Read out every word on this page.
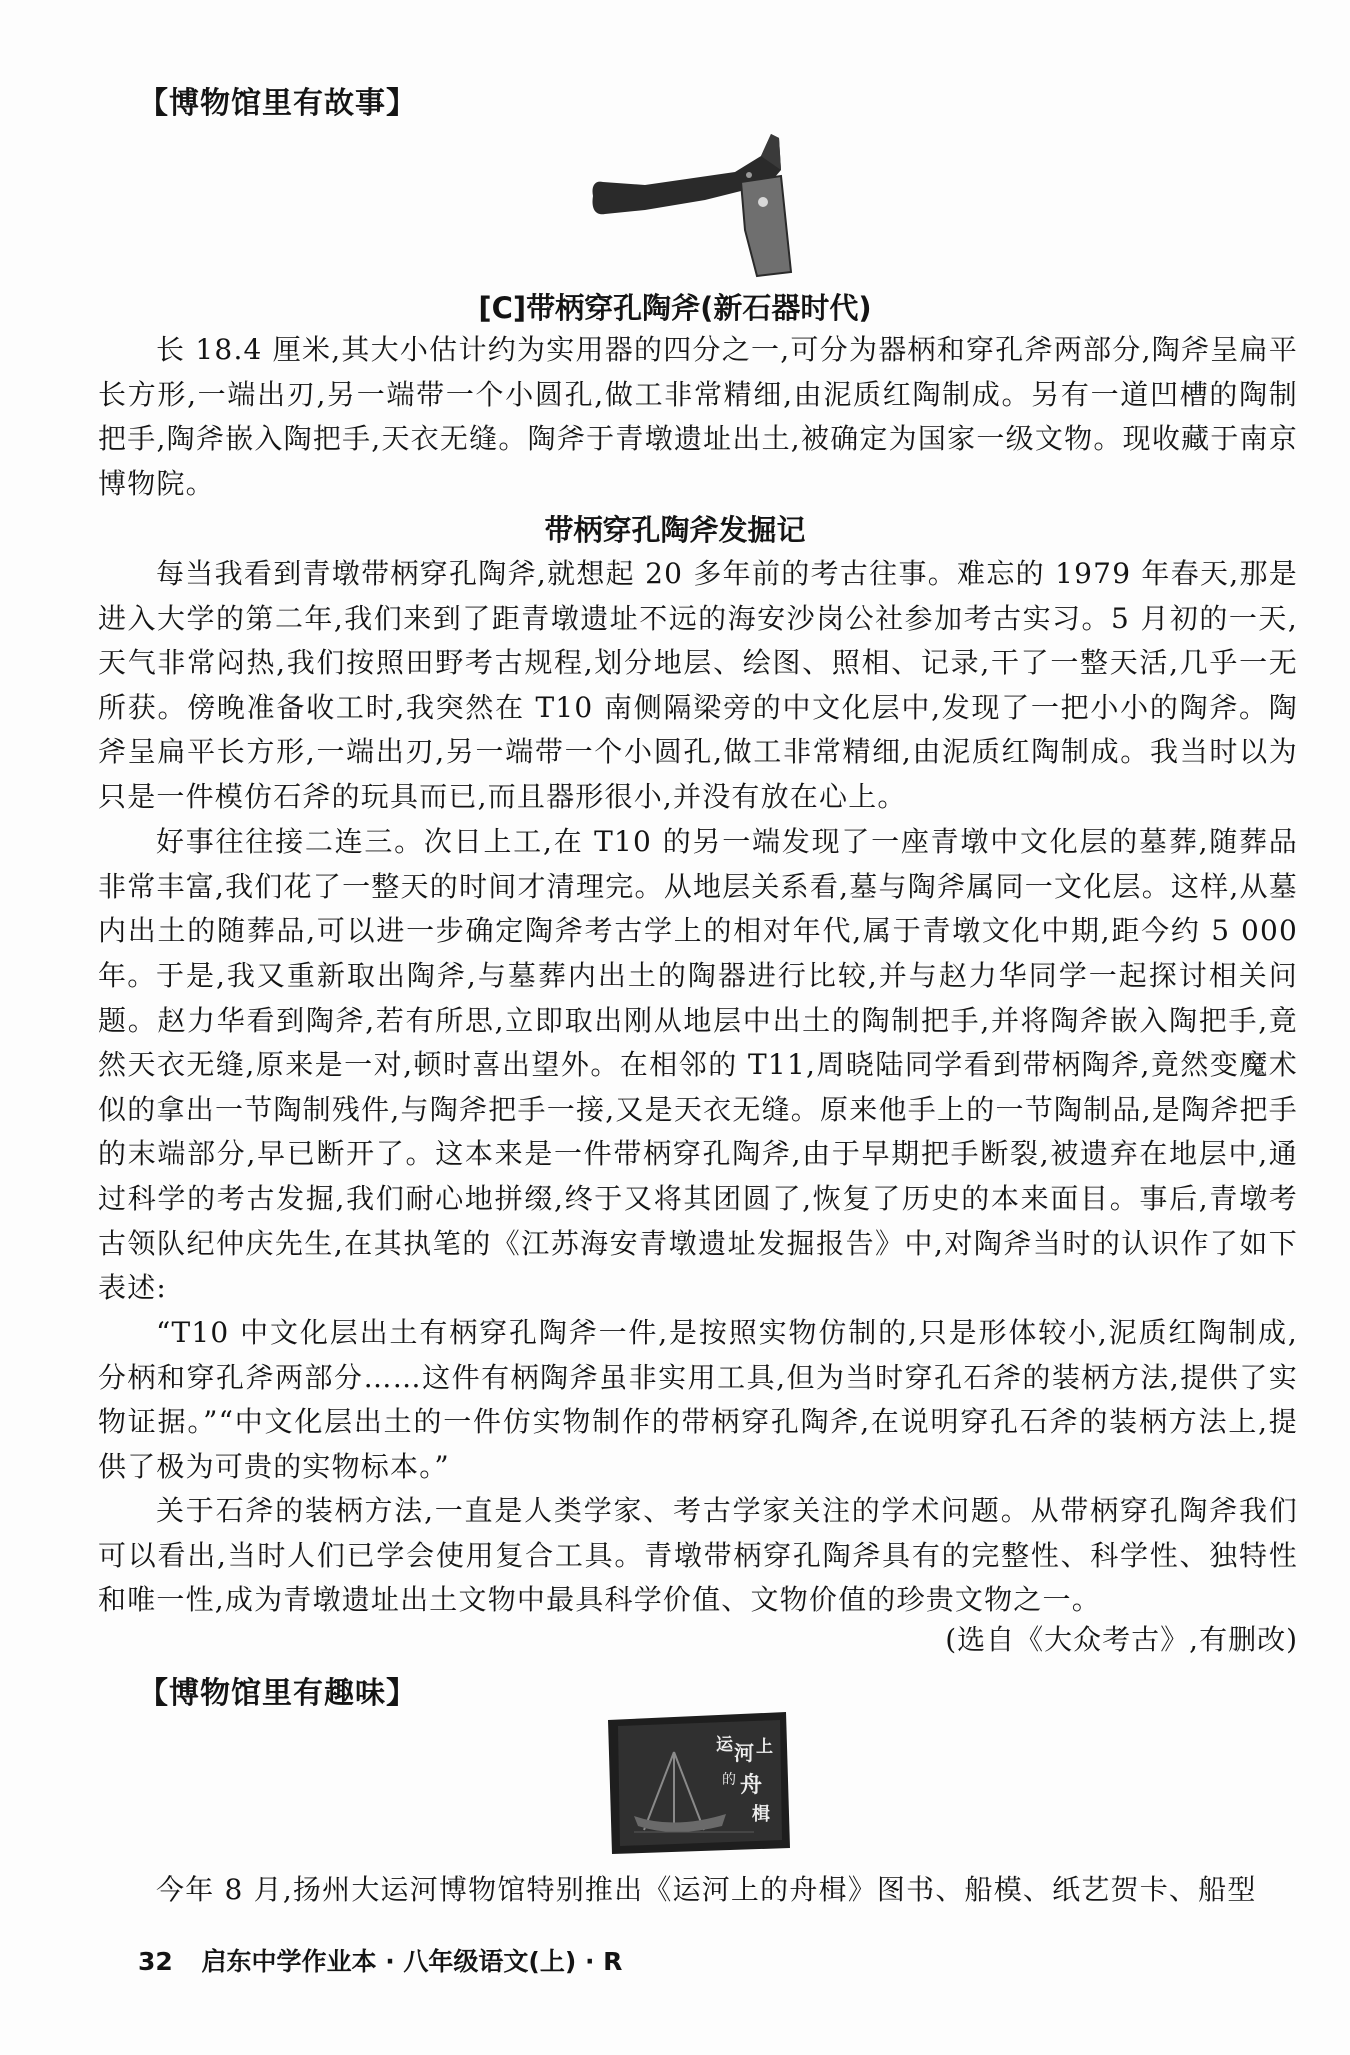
【博物馆里有故事】
[C]带柄穿孔陶斧(新石器时代)

长 18.4 厘米,其大小估计约为实用器的四分之一,可分为器柄和穿孔斧两部分,陶斧呈扁平长方形,一端出刃,另一端带一个小圆孔,做工非常精细,由泥质红陶制成。另有一道凹槽的陶制把手,陶斧嵌入陶把手,天衣无缝。陶斧于青墩遗址出土,被确定为国家一级文物。现收藏于南京博物院。

带柄穿孔陶斧发掘记

每当我看到青墩带柄穿孔陶斧,就想起 20 多年前的考古往事。难忘的 1979 年春天,那是进入大学的第二年,我们来到了距青墩遗址不远的海安沙岗公社参加考古实习。5 月初的一天,天气非常闷热,我们按照田野考古规程,划分地层、绘图、照相、记录,干了一整天活,几乎一无所获。傍晚准备收工时,我突然在 T10 南侧隔梁旁的中文化层中,发现了一把小小的陶斧。陶斧呈扁平长方形,一端出刃,另一端带一个小圆孔,做工非常精细,由泥质红陶制成。我当时以为只是一件模仿石斧的玩具而已,而且器形很小,并没有放在心上。

好事往往接二连三。次日上工,在 T10 的另一端发现了一座青墩中文化层的墓葬,随葬品非常丰富,我们花了一整天的时间才清理完。从地层关系看,墓与陶斧属同一文化层。这样,从墓内出土的随葬品,可以进一步确定陶斧考古学上的相对年代,属于青墩文化中期,距今约 5 000 年。 于是,我又重新取出陶斧,与墓葬内出土的陶器进行比较,并与赵力华同学一起探讨相关问题。赵力华看到陶斧,若有所思,立即取出刚从地层中出土的陶制把手,并将陶斧嵌入陶把手,竟然天衣无缝,原来是一对,顿时喜出望外。在相邻的 T11,周晓陆同学看到带柄陶斧,竟然变魔术似的拿出一节陶制残件,与陶斧把手一接,又是天衣无缝。原来他手上的一节陶制品,是陶斧把手的末端部分,早已断开了。这本来是一件带柄穿孔陶斧,由于早期把手断裂,被遗弃在地层中,通过科学的考古发掘,我们耐心地拼缀,终于又将其团圆了,恢复了历史的本来面目。事后,青墩考古领队纪仲庆先生,在其执笔的《江苏海安青墩遗址发掘报告》中,对陶斧当时的认识作了如下表述:

“T10 中文化层出土有柄穿孔陶斧一件,是按照实物仿制的,只是形体较小,泥质红陶制成,分柄和穿孔斧两部分……这件有柄陶斧虽非实用工具,但为当时穿孔石斧的装柄方法,提供了实物证据。”“中文化层出土的一件仿实物制作的带柄穿孔陶斧,在说明穿孔石斧的装柄方法上,提供了极为可贵的实物标本。”

关于石斧的装柄方法,一直是人类学家、考古学家关注的学术问题。从带柄穿孔陶斧我们可以看出,当时人们已学会使用复合工具。青墩带柄穿孔陶斧具有的完整性、科学性、独特性和唯一性,成为青墩遗址出土文物中最具科学价值、文物价值的珍贵文物之一。

(选自《大众考古》,有删改)
【博物馆里有趣味】
运 河 上
的 舟
楫

今年 8 月,扬州大运河博物馆特别推出《运河上的舟楫》图书、船模、纸艺贺卡、船型

32 启东中学作业本 · 八年级语文(上) · R
